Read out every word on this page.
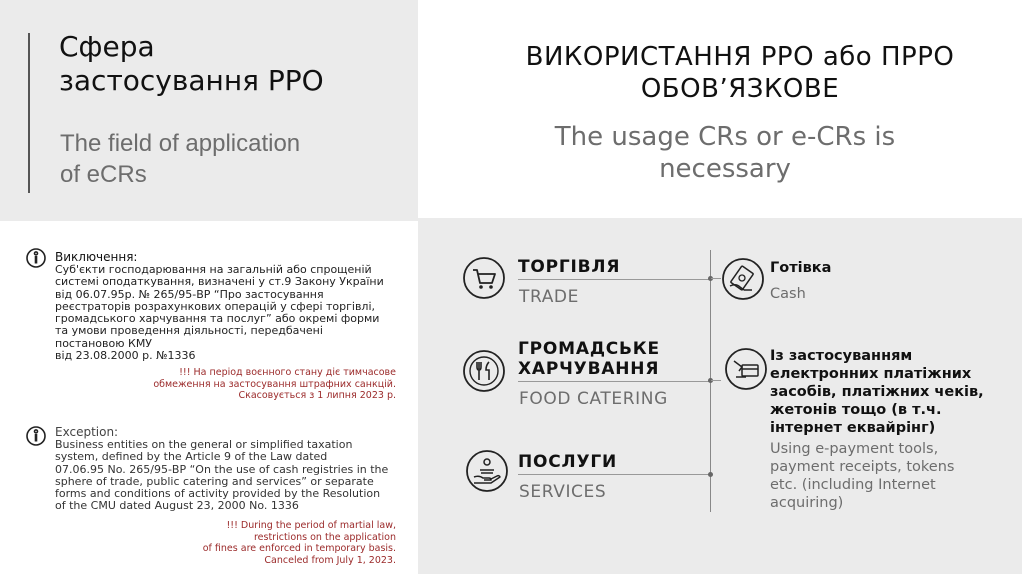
Сфера
застосування РРО
The field of application
of eCRs
ВИКОРИСТАННЯ РРО або ПРРО
ОБОВ’ЯЗКОВЕ
The usage CRs or e-CRs is
necessary
Виключення:
Суб'єкти господарювання на загальній або спрощеній
системі оподаткування, визначені у ст.9 Закону України
від 06.07.95р. № 265/95-ВР “Про застосування
реєстраторів розрахункових операцій у сфері торгівлі,
громадського харчування та послуг” або окремі форми
та умови проведення діяльності, передбачені
постановою КМУ
від 23.08.2000 р. №1336
!!! На період воєнного стану діє тимчасове
обмеження на застосування штрафних санкцій.
Скасовується з 1 липня 2023 р.
Exception:
Business entities on the general or simplified taxation
system, defined by the Article 9 of the Law dated
07.06.95 No. 265/95-ВР “On the use of cash registries in the
sphere of trade, public catering and services” or separate
forms and conditions of activity provided by the Resolution
of the CMU dated August 23, 2000 No. 1336
!!! During the period of martial law,
restrictions on the application
of fines are enforced in temporary basis.
Canceled from July 1, 2023.
ТОРГІВЛЯ
TRADE
ГРОМАДСЬКЕ
ХАРЧУВАННЯ
FOOD CATERING
ПОСЛУГИ
SERVICES
Готівка
Cash
Із застосуванням
електронних платіжних
засобів, платіжних чеків,
жетонів тощо (в т.ч.
інтернет еквайрінг)
Using e-payment tools,
payment receipts, tokens
etc. (including Internet
acquiring)
